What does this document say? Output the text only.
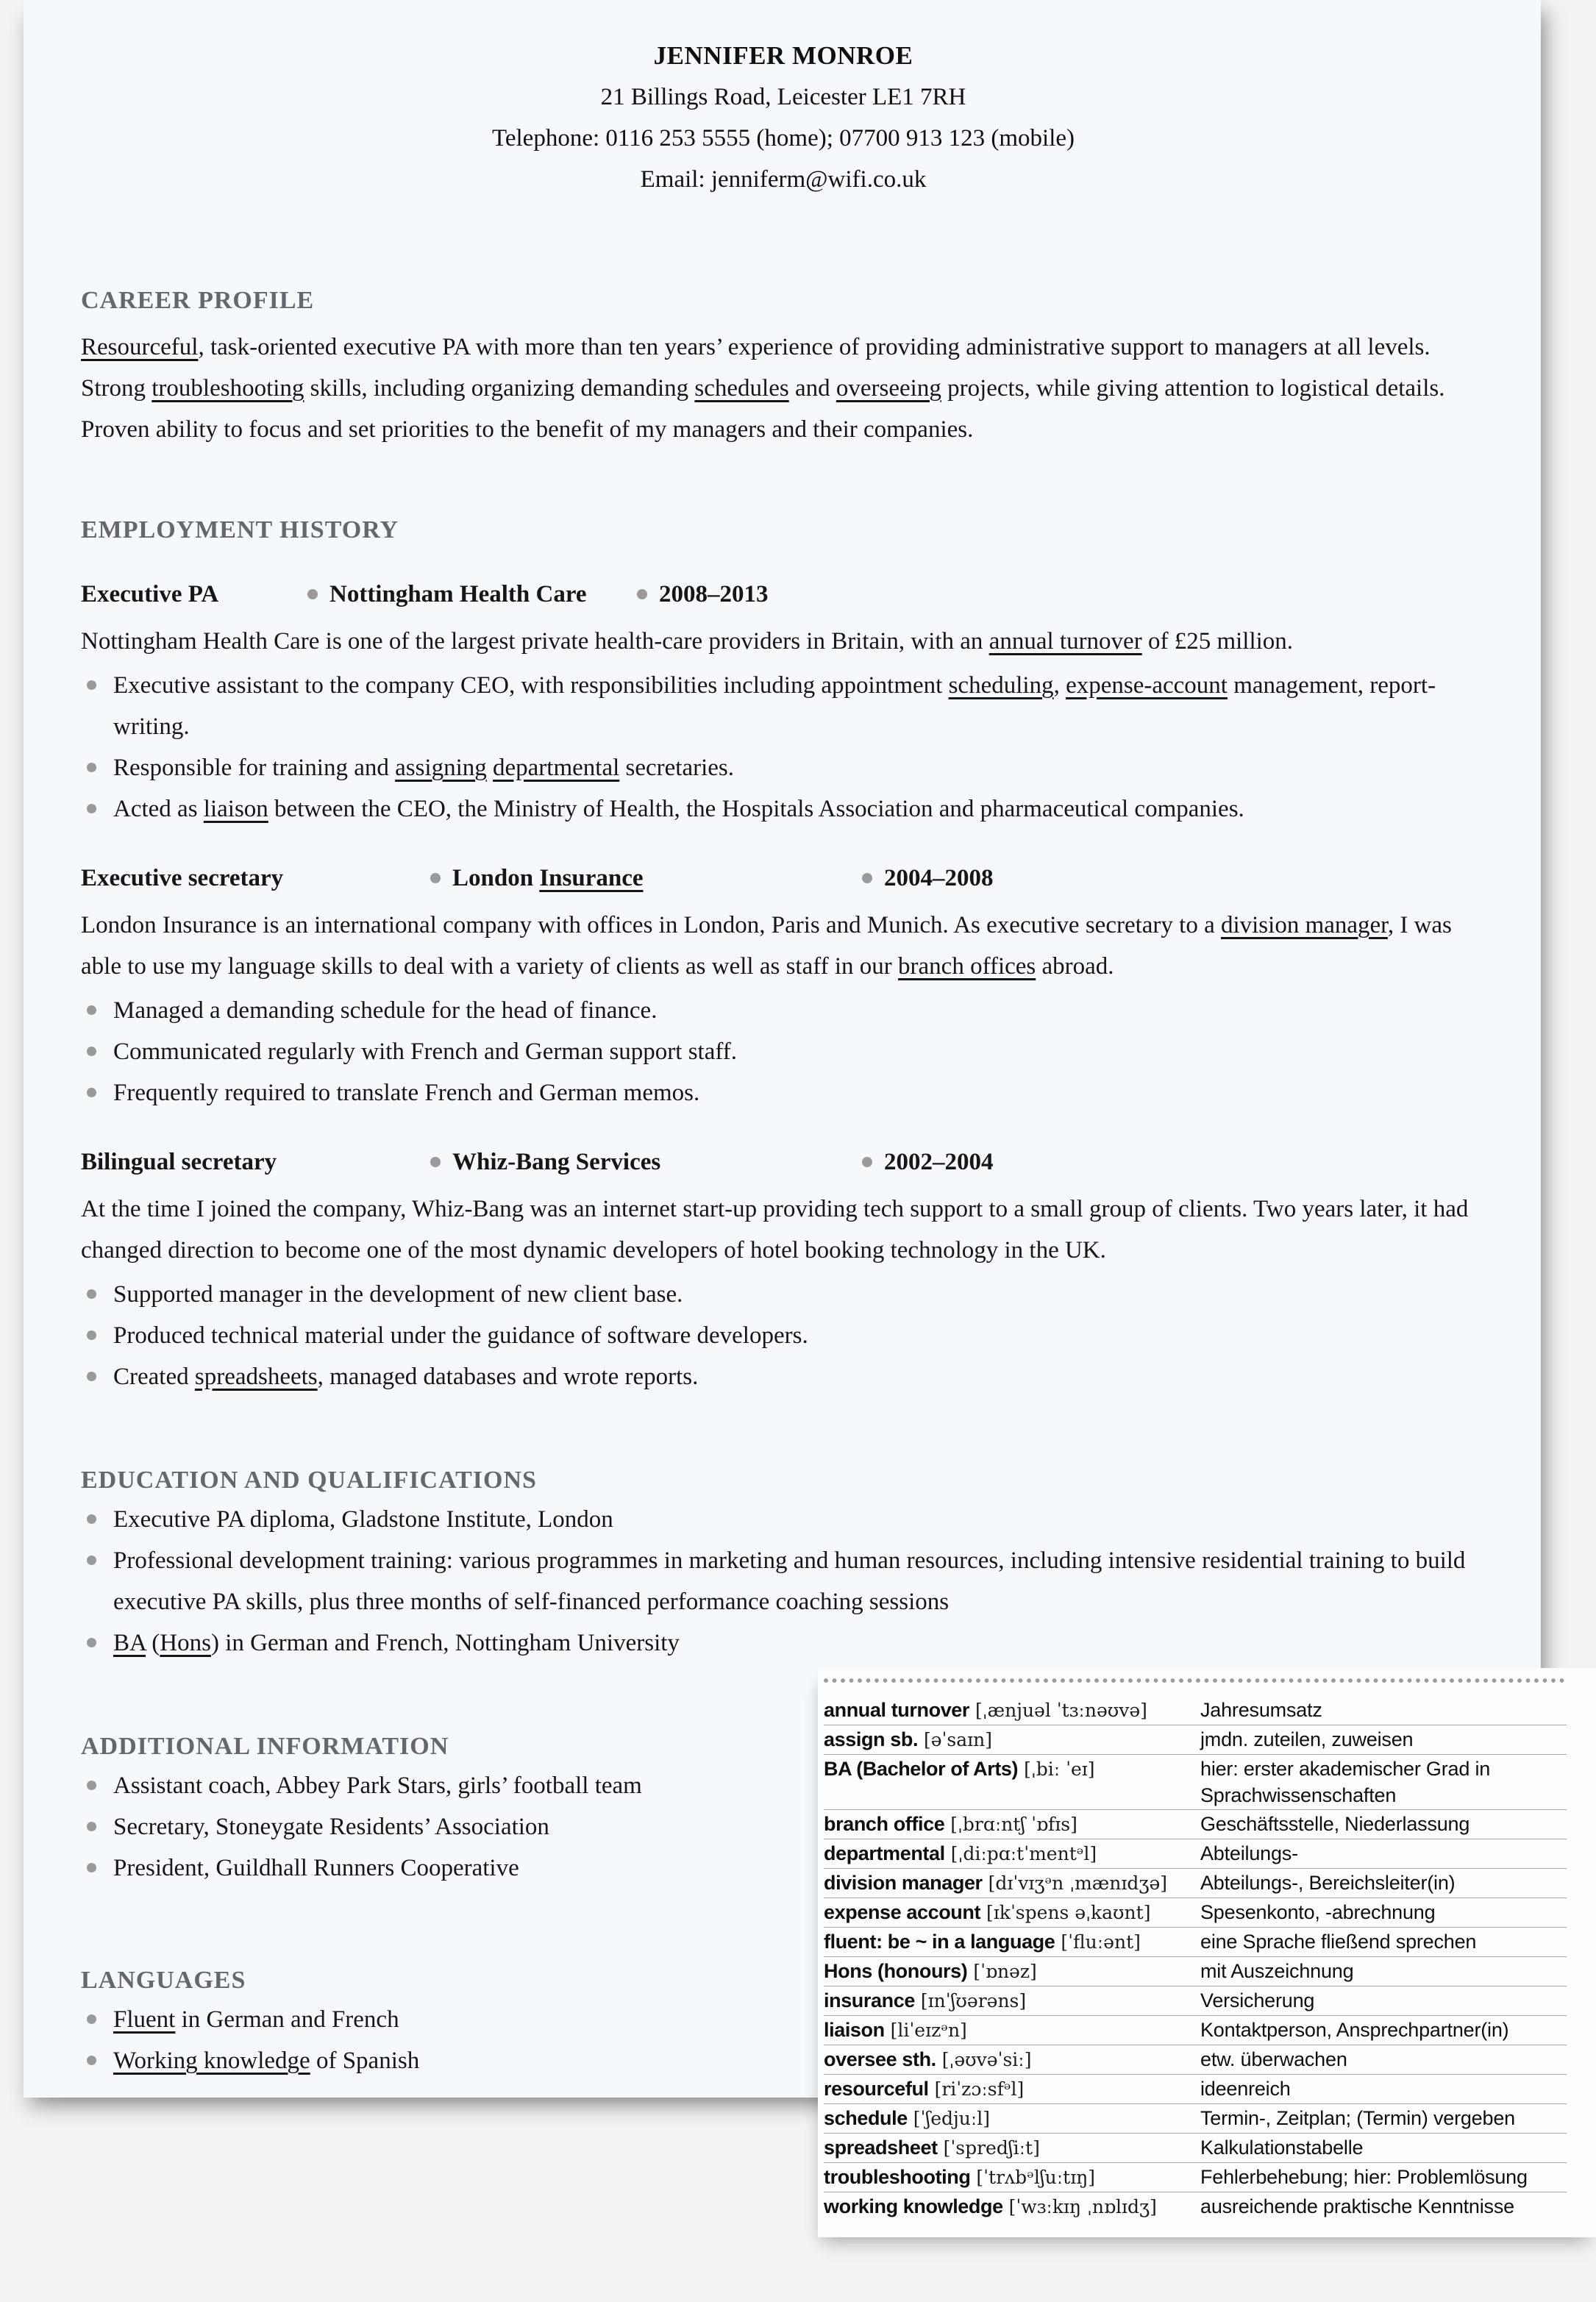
JENNIFER MONROE
21 Billings Road, Leicester LE1 7RH
Telephone: 0116 253 5555 (home); 07700 913 123 (mobile)
Email: jenniferm@wifi.co.uk
CAREER PROFILE

Resourceful, task-oriented executive PA with more than ten years’ experience of providing administrative support to managers at all levels. Strong troubleshooting skills, including organizing demanding schedules and overseeing projects, while giving attention to logistical details. Proven ability to focus and set priorities to the benefit of my managers and their companies.

EMPLOYMENT HISTORY
Executive PA	Nottingham Health Care	2008–2013

Nottingham Health Care is one of the largest private health-care providers in Britain, with an annual turnover of £25 million.

Executive assistant to the company CEO, with responsibilities including appointment scheduling, expense-account management, report-writing.
Responsible for training and assigning departmental secretaries.
Acted as liaison between the CEO, the Ministry of Health, the Hospitals Association and pharmaceutical companies.
Executive secretary	London Insurance	2004–2008

London Insurance is an international company with offices in London, Paris and Munich. As executive secretary to a division manager, I was able to use my language skills to deal with a variety of clients as well as staff in our branch offices abroad.

Managed a demanding schedule for the head of finance.
Communicated regularly with French and German support staff.
Frequently required to translate French and German memos.
Bilingual secretary	Whiz-Bang Services	2002–2004

At the time I joined the company, Whiz-Bang was an internet start-up providing tech support to a small group of clients. Two years later, it had changed direction to become one of the most dynamic developers of hotel booking technology in the UK.

Supported manager in the development of new client base.
Produced technical material under the guidance of software developers.
Created spreadsheets, managed databases and wrote reports.
EDUCATION AND QUALIFICATIONS
Executive PA diploma, Gladstone Institute, London
Professional development training: various programmes in marketing and human resources, including intensive residential training to build executive PA skills, plus three months of self-financed performance coaching sessions
BA (Hons) in German and French, Nottingham University
ADDITIONAL INFORMATION
Assistant coach, Abbey Park Stars, girls’ football team
Secretary, Stoneygate Residents’ Association
President, Guildhall Runners Cooperative
LANGUAGES
Fluent in German and French
Working knowledge of Spanish
annual turnover [ˌænjuəl ˈtɜːnəʊvə]	Jahresumsatz
assign sb. [əˈsaɪn]	jmdn. zuteilen, zuweisen
BA (Bachelor of Arts) [ˌbiː ˈeɪ]	hier: erster akademischer Grad in Sprachwissenschaften
branch office [ˌbrɑːntʃ ˈɒfɪs]	Geschäftsstelle, Niederlassung
departmental [ˌdiːpɑːtˈmentᵊl]	Abteilungs-
division manager [dɪˈvɪʒᵊn ˌmænɪdʒə]	Abteilungs-, Bereichsleiter(in)
expense account [ɪkˈspens əˌkaʊnt]	Spesenkonto, -abrechnung
fluent: be ~ in a language [ˈfluːənt]	eine Sprache fließend sprechen
Hons (honours) [ˈɒnəz]	mit Auszeichnung
insurance [ɪnˈʃʊərəns]	Versicherung
liaison [liˈeɪzᵊn]	Kontaktperson, Ansprechpartner(in)
oversee sth. [ˌəʊvəˈsiː]	etw. überwachen
resourceful [riˈzɔːsfᵊl]	ideenreich
schedule [ˈʃedjuːl]	Termin-, Zeitplan; (Termin) vergeben
spreadsheet [ˈspredʃiːt]	Kalkulationstabelle
troubleshooting [ˈtrʌbᵊlʃuːtɪŋ]	Fehlerbehebung; hier: Problemlösung
working knowledge [ˈwɜːkɪŋ ˌnɒlɪdʒ]	ausreichende praktische Kenntnisse
